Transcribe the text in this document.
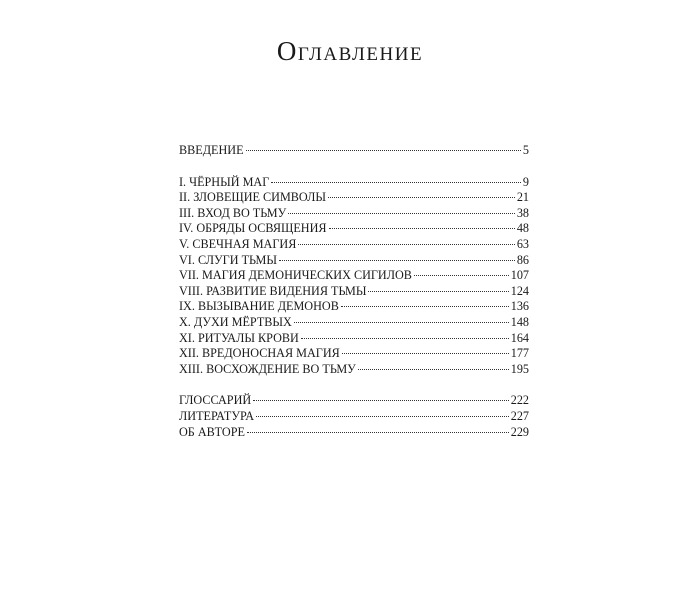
Оглавление
ВВЕДЕНИЕ	5
I. ЧЁРНЫЙ МАГ	9
II. ЗЛОВЕЩИЕ СИМВОЛЫ	21
III. ВХОД ВО ТЬМУ	38
IV. ОБРЯДЫ ОСВЯЩЕНИЯ	48
V. СВЕЧНАЯ МАГИЯ	63
VI. СЛУГИ ТЬМЫ	86
VII. МАГИЯ ДЕМОНИЧЕСКИХ СИГИЛОВ	107
VIII. РАЗВИТИЕ ВИДЕНИЯ ТЬМЫ	124
IX. ВЫЗЫВАНИЕ ДЕМОНОВ	136
X. ДУХИ МЁРТВЫХ	148
XI. РИТУАЛЫ КРОВИ	164
XII. ВРЕДОНОСНАЯ МАГИЯ	177
XIII. ВОСХОЖДЕНИЕ ВО ТЬМУ	195
ГЛОССАРИЙ	222
ЛИТЕРАТУРА	227
ОБ АВТОРЕ	229
